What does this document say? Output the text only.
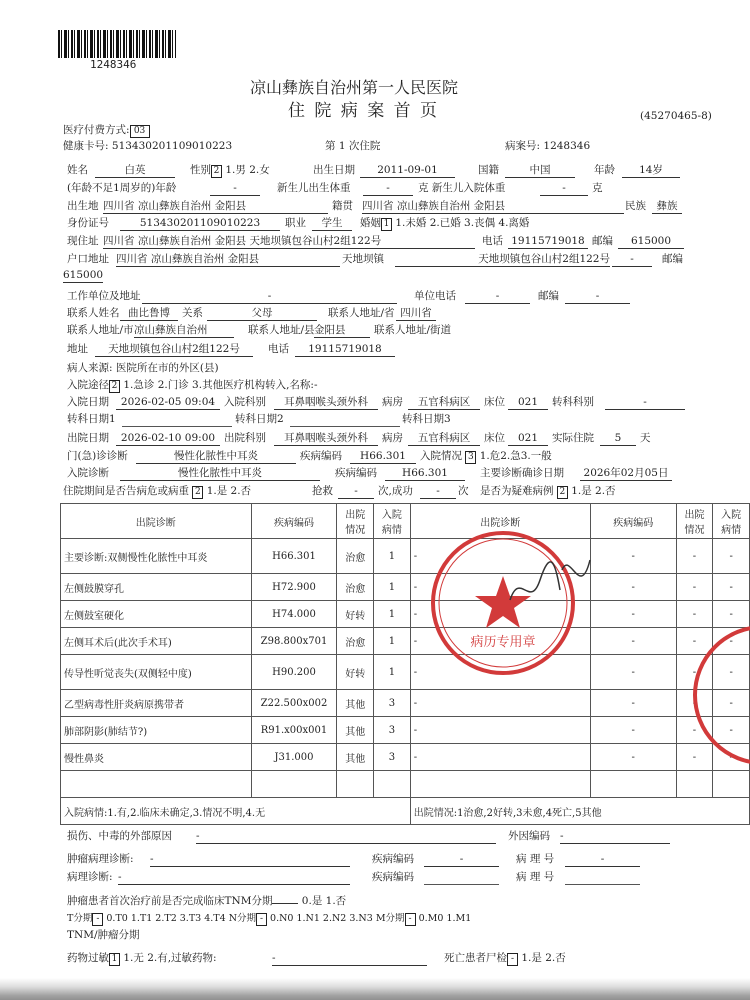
1248346
凉山彝族自治州第一人民医院
住 院 病 案 首 页	(45270465-8)
医疗付费方式: 03
健康卡号: 513430201109010223	第 1 次住院	病案号: 1248346
姓名	白英	性别 2 1.男 2.女	出生日期	2011-09-01	国籍	中国	年龄	14岁
(年龄不足1周岁的)年龄	-	新生儿出生体重	-	克 新生儿入院体重	-	克
出生地 四川省 凉山彝族自治州 金阳县	籍贯 四川省 凉山彝族自治州 金阳县	民族	彝族
身份证号	513430201109010223	职业	学生	婚姻 1 1.未婚 2.已婚 3.丧偶 4.离婚
现住址 四川省 凉山彝族自治州 金阳县 天地坝镇包谷山村2组122号	电话 19115719018 邮编	615000
户口地址 四川省 凉山彝族自治州 金阳县	天地坝镇	天地坝镇包谷山村2组122号	邮编
-
615000
工作单位及地址	-	单位电话	-	邮编	-
联系人姓名 曲比鲁博	关系	父母	联系人地址/省 四川省
联系人地址/市 凉山彝族自治州	联系人地址/县 金阳县	联系人地址/街道
地址	天地坝镇包谷山村2组122号	电话	19115719018
病人来源: 医院所在市的外区(县)
入院途径 2 1.急诊 2.门诊 3.其他医疗机构转入,名称:-
入院日期	2026-02-05 09:04 入院科别	耳鼻咽喉头颈外科	病房	五官科病区	床位	021	转科科别	-
转科日期1	转科日期2	转科日期3
出院日期	2026-02-10 09:00 出院科别	耳鼻咽喉头颈外科	病房	五官科病区	床位	021	实际住院	5	天
门(急)诊诊断	慢性化脓性中耳炎	疾病编码	H66.301	入院情况 3 1.危2.急3.一般
入院诊断	慢性化脓性中耳炎	疾病编码	H66.301	主要诊断确诊日期	2026年02月05日
住院期间是否告病危或病重 2 1.是 2.否	抢救	-	次,成功	-	次 是否为疑难病例 2 1.是 2.否
出院诊断	疾病编码	出院情况	入院病情	出院诊断	疾病编码	出院情况	入院病情
主要诊断:双侧慢性化脓性中耳炎	H66.301	治愈	1	-	-	-	-
左侧鼓膜穿孔	H72.900	治愈	1	-	-	-	-
左侧鼓室硬化	H74.000	好转	1	-	-	-	-
左侧耳术后(此次手术耳)	Z98.800x701	治愈	1	-	-	-	-
传导性听觉丧失(双侧轻中度)	H90.200	好转	1	-	-	-	-
乙型病毒性肝炎病原携带者	Z22.500x002	其他	3	-	-	-	-
肺部阴影(肺结节?)	R91.x00x001	其他	3	-	-	-	-
慢性鼻炎	J31.000	其他	3	-	-	-	-

入院病情:1.有,2.临床未确定,3.情况不明,4.无				出院情况:1治愈,2好转,3未愈,4死亡,5其他			
损伤、中毒的外部原因 -	外因编码 -
肿瘤病理诊断: -	疾病编码	-	病 理 号	-
病理诊断: -	疾病编码	病 理 号
肿瘤患者首次治疗前是否完成临床TNM分期	0.是 1.否
T分期 - 0.T0 1.T1 2.T2 3.T3 4.T4 N分期 - 0.N0 1.N1 2.N2 3.N3 M分期 - 0.M0 1.M1
TNM/肿瘤分期
药物过敏 1 1.无 2.有,过敏药物:	-	死亡患者尸检 - 1.是 2.否
病历专用章
